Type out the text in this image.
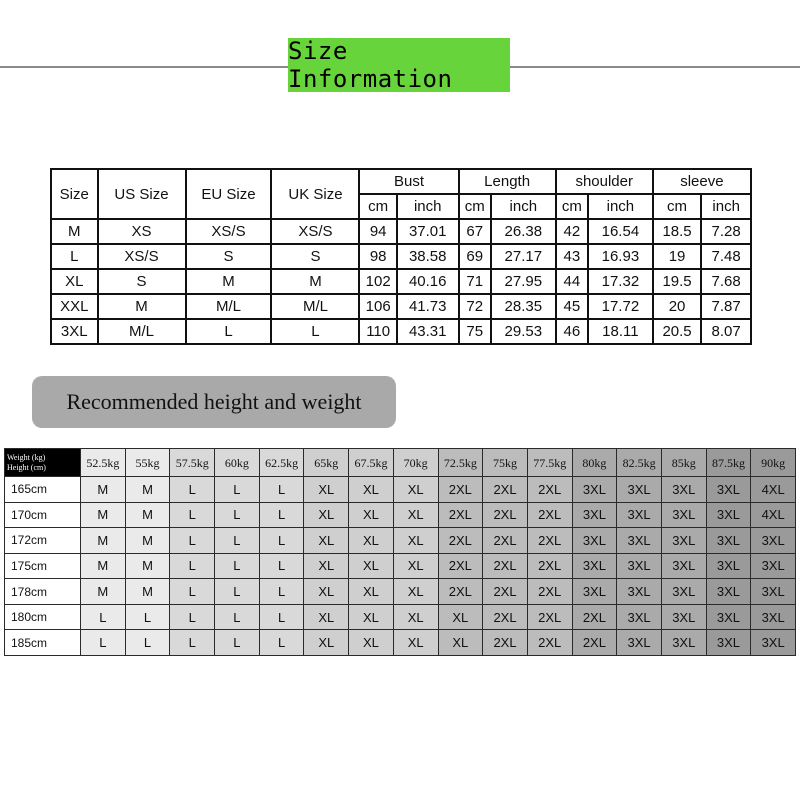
Size Information
Size	US Size	EU Size	UK Size	Bust		Length		shoulder		sleeve	
				cm	inch	cm	inch	cm	inch	cm	inch
M	XS	XS/S	XS/S	94	37.01	67	26.38	42	16.54	18.5	7.28
L	XS/S	S	S	98	38.58	69	27.17	43	16.93	19	7.48
XL	S	M	M	102	40.16	71	27.95	44	17.32	19.5	7.68
XXL	M	M/L	M/L	106	41.73	72	28.35	45	17.72	20	7.87
3XL	M/L	L	L	110	43.31	75	29.53	46	18.11	20.5	8.07
Recommended height and weight
Weight (kg)
Height (cm)	52.5kg	55kg	57.5kg	60kg	62.5kg	65kg	67.5kg	70kg	72.5kg	75kg	77.5kg	80kg	82.5kg	85kg	87.5kg	90kg
165cm	M	M	L	L	L	XL	XL	XL	2XL	2XL	2XL	3XL	3XL	3XL	3XL	4XL
170cm	M	M	L	L	L	XL	XL	XL	2XL	2XL	2XL	3XL	3XL	3XL	3XL	4XL
172cm	M	M	L	L	L	XL	XL	XL	2XL	2XL	2XL	3XL	3XL	3XL	3XL	3XL
175cm	M	M	L	L	L	XL	XL	XL	2XL	2XL	2XL	3XL	3XL	3XL	3XL	3XL
178cm	M	M	L	L	L	XL	XL	XL	2XL	2XL	2XL	3XL	3XL	3XL	3XL	3XL
180cm	L	L	L	L	L	XL	XL	XL	XL	2XL	2XL	2XL	3XL	3XL	3XL	3XL
185cm	L	L	L	L	L	XL	XL	XL	XL	2XL	2XL	2XL	3XL	3XL	3XL	3XL
